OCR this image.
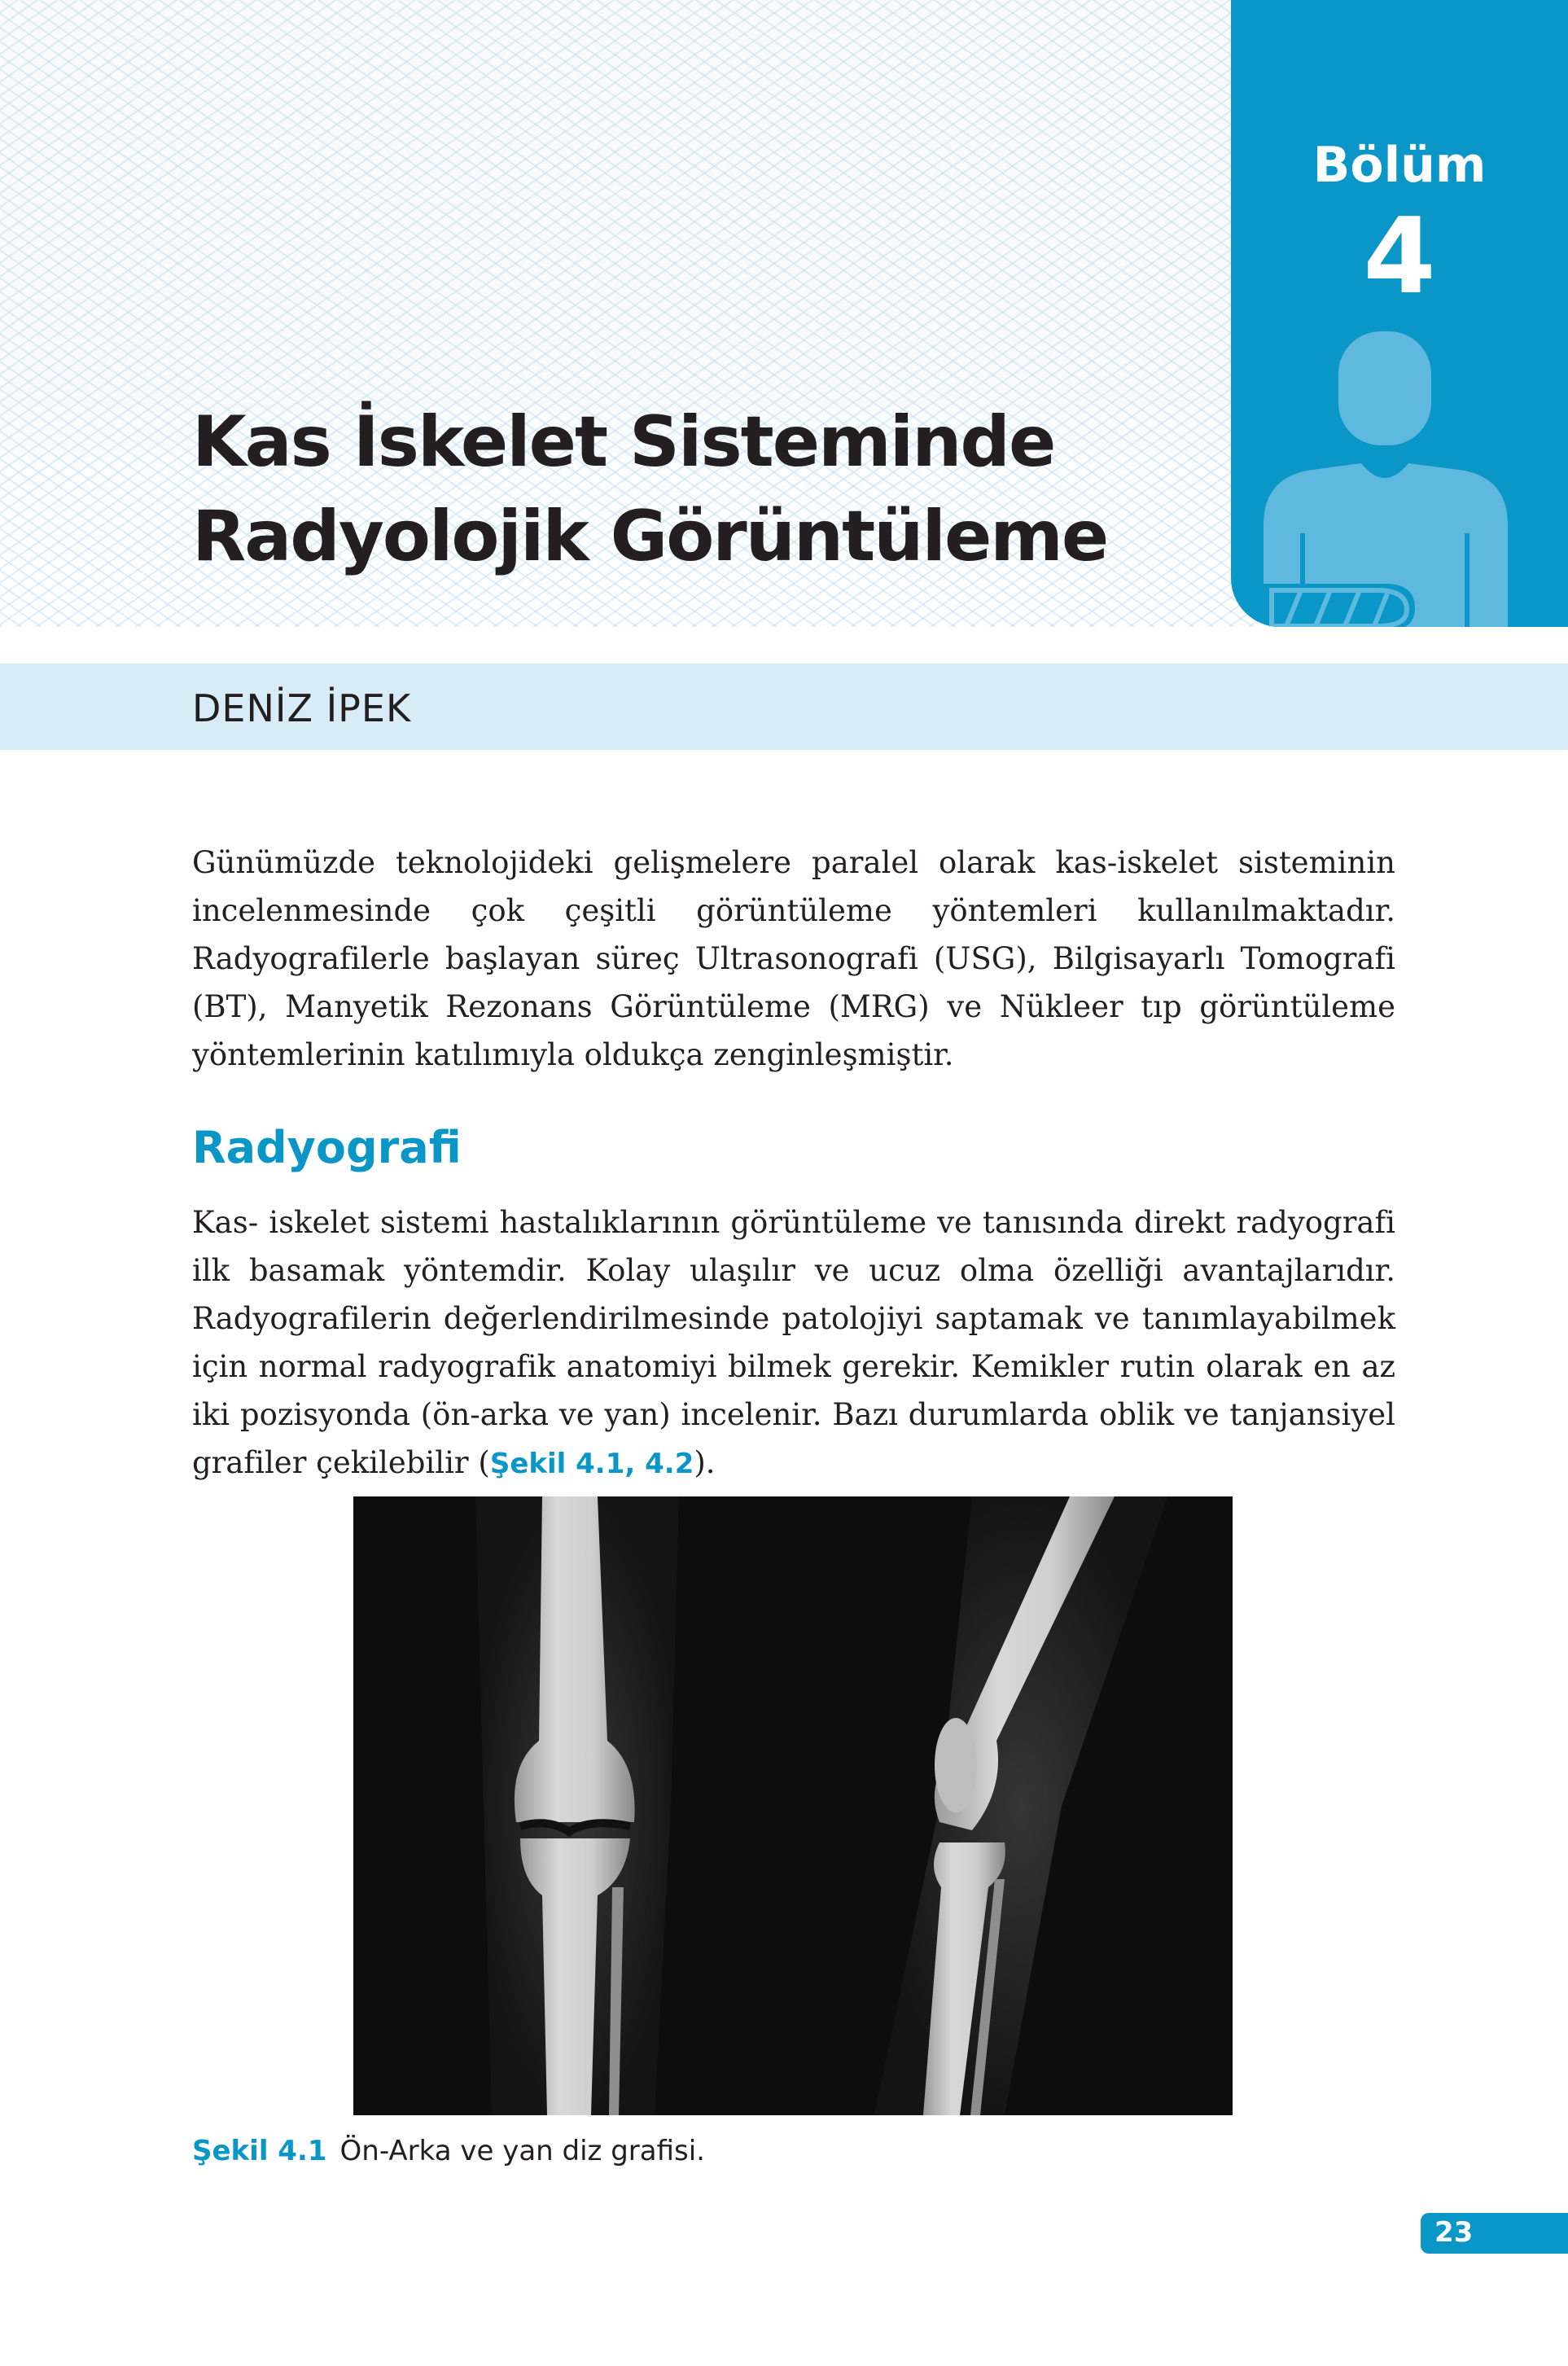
Bölüm
4
Kas İskelet Sisteminde
Radyolojik Görüntüleme
DENİZ İPEK

Günümüzde teknolojideki gelişmelere paralel olarak kas-iskelet sisteminin incelenmesinde çok çeşitli görüntüleme yöntemleri kullanılmaktadır. Radyografilerle başlayan süreç Ultrasonografi (USG), Bilgisayarlı Tomografi (BT), Manyetik Rezonans Görüntüleme (MRG) ve Nükleer tıp görüntüleme yöntemlerinin katılımıyla oldukça zenginleşmiştir.

Radyografi

Kas- iskelet sistemi hastalıklarının görüntüleme ve tanısında direkt radyografi ilk basamak yöntemdir. Kolay ulaşılır ve ucuz olma özelliği avantajlarıdır. Radyografilerin değerlendirilmesinde patolojiyi saptamak ve tanımlayabilmek için normal radyografik anatomiyi bilmek gerekir. Kemikler rutin olarak en az iki pozisyonda (ön-arka ve yan) incelenir. Bazı durumlarda oblik ve tanjansiyel grafiler çekilebilir (Şekil 4.1, 4.2).

Şekil 4.1 Ön-Arka ve yan diz grafisi.
23
